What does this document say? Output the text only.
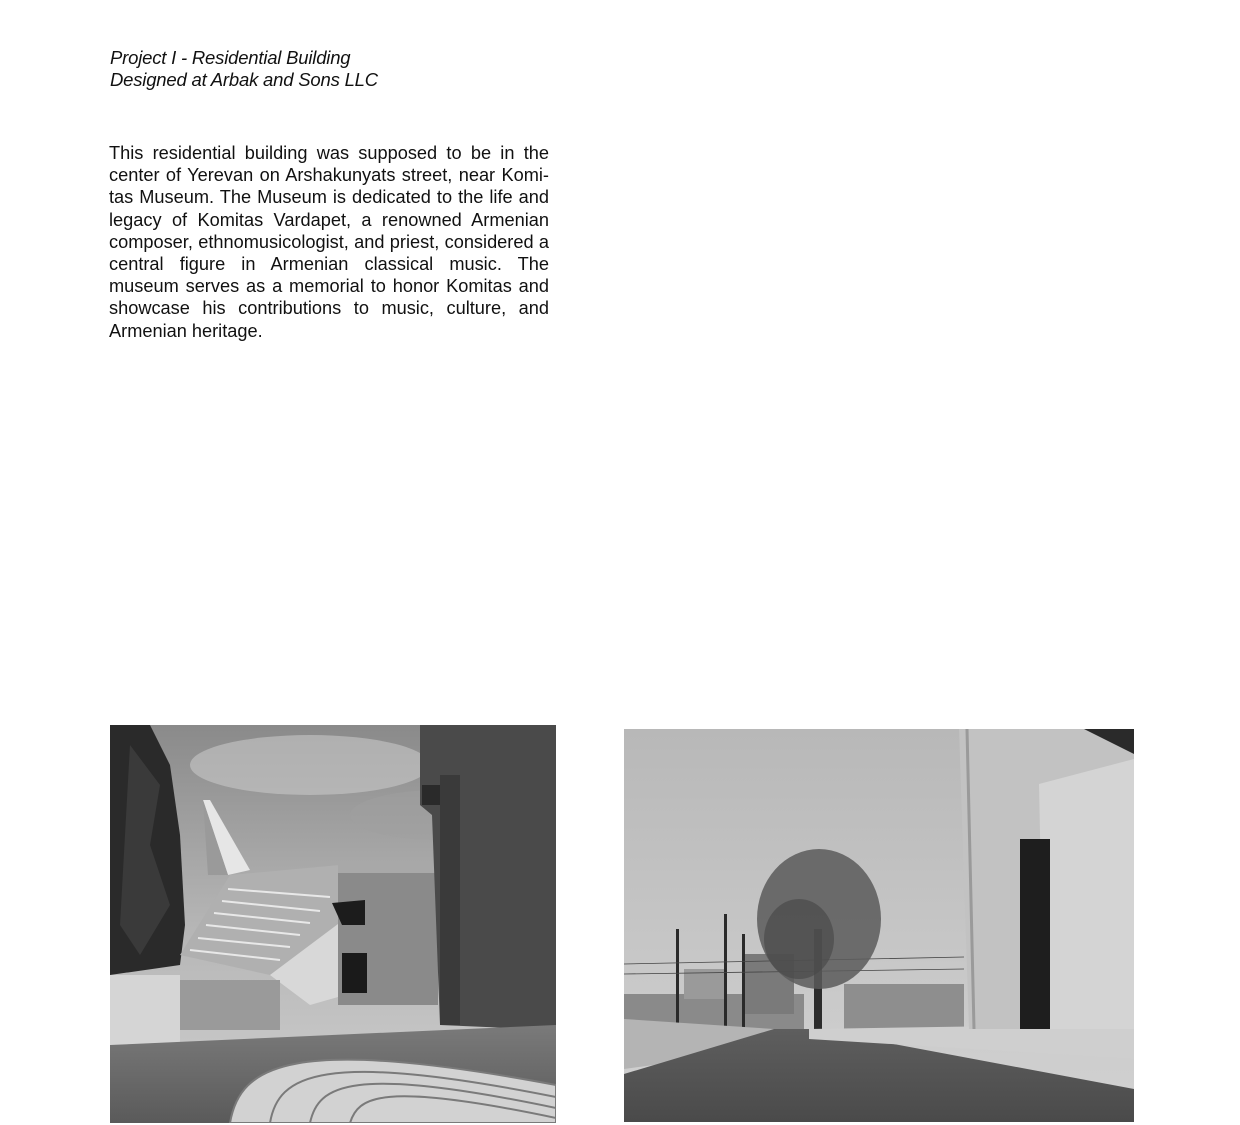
Project I - Residential Building
Designed at Arbak and Sons LLC

This residential building was supposed to be in the center of Yerevan on Arshakunyats street, near Komi-tas Museum. The Museum is dedicated to the life and legacy of Komitas Vardapet, a renowned Armenian composer, ethnomusicologist, and priest, considered a central figure in Armenian classical music. The museum serves as a memorial to honor Komitas and showcase his contributions to music, culture, and Armenian heritage.
